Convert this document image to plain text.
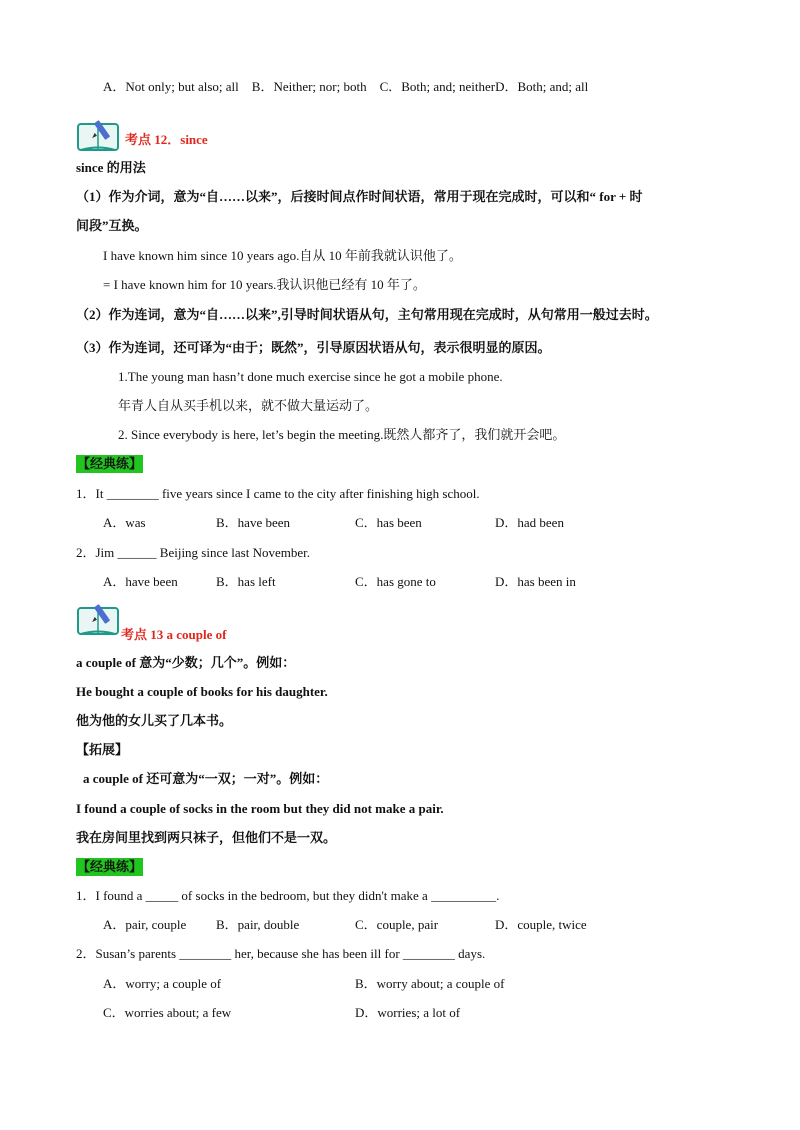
A．Not only; but also; all　B．Neither; nor; both　C．Both; and; neitherD．Both; and; all
考点 12．since
since 的用法
（1）作为介词，意为“自……以来”，后接时间点作时间状语，常用于现在完成时，可以和“ for + 时
间段”互换。
I have known him since 10 years ago.自从 10 年前我就认识他了。
= I have known him for 10 years.我认识他已经有 10 年了。
（2）作为连词，意为“自……以来”,引导时间状语从句，主句常用现在完成时，从句常用一般过去时。
（3）作为连词，还可译为“由于；既然”，引导原因状语从句，表示很明显的原因。
1.The young man hasn’t done much exercise since he got a mobile phone.
年青人自从买手机以来，就不做大量运动了。
2. Since everybody is here, let’s begin the meeting.既然人都齐了，我们就开会吧。
【经典练】
1．It ________ five years since I came to the city after finishing high school.
A．was	B．have been	C．has been	D．had been
2．Jim ______ Beijing since last November.
A．have been	B．has left	C．has gone to	D．has been in
考点 13 a couple of
a couple of 意为“少数；几个”。例如：
He bought a couple of books for his daughter.
他为他的女儿买了几本书。
【拓展】
a couple of 还可意为“一双；一对”。例如：
I found a couple of socks in the room but they did not make a pair.
我在房间里找到两只袜子，但他们不是一双。
【经典练】
1．I found a _____ of socks in the bedroom, but they didn't make a __________.
A．pair, couple B．pair, double	C．couple, pair	D．couple, twice
2．Susan’s parents ________ her, because she has been ill for ________ days.
A．worry; a couple of	B．worry about; a couple of
C．worries about; a few	D．worries; a lot of
